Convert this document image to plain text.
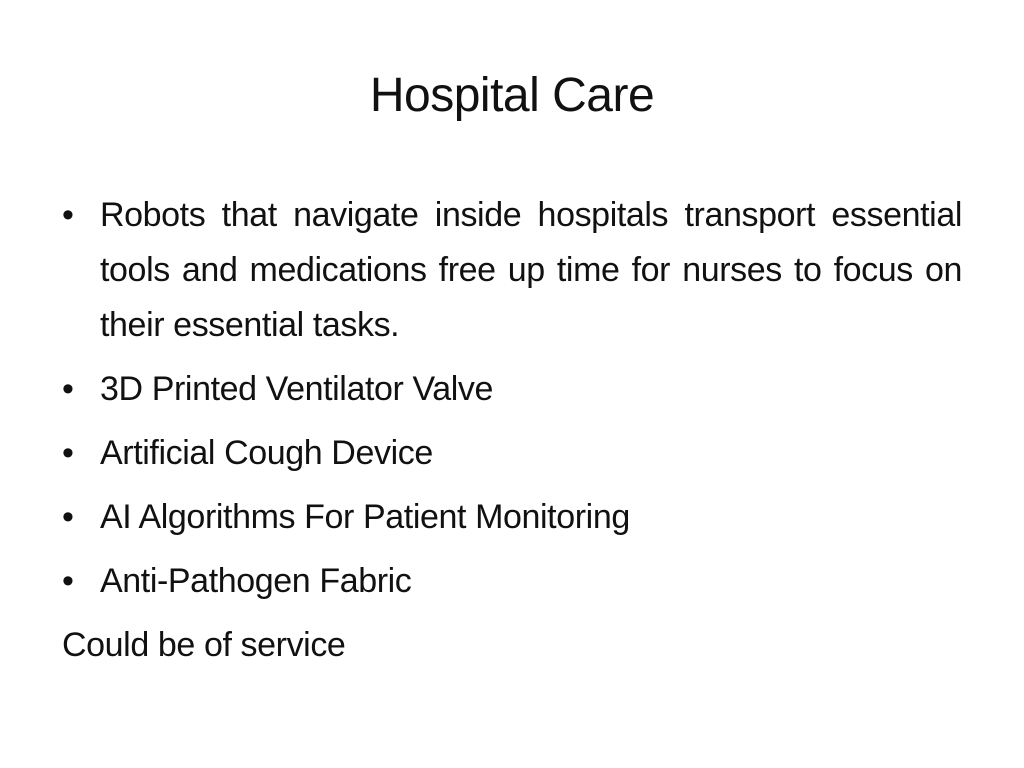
Hospital Care
• Robots that navigate inside hospitals transport essential tools and medications free up time for nurses to focus on their essential tasks.
• 3D Printed Ventilator Valve
• Artificial Cough Device
• AI Algorithms For Patient Monitoring
• Anti-Pathogen Fabric

Could be of service
